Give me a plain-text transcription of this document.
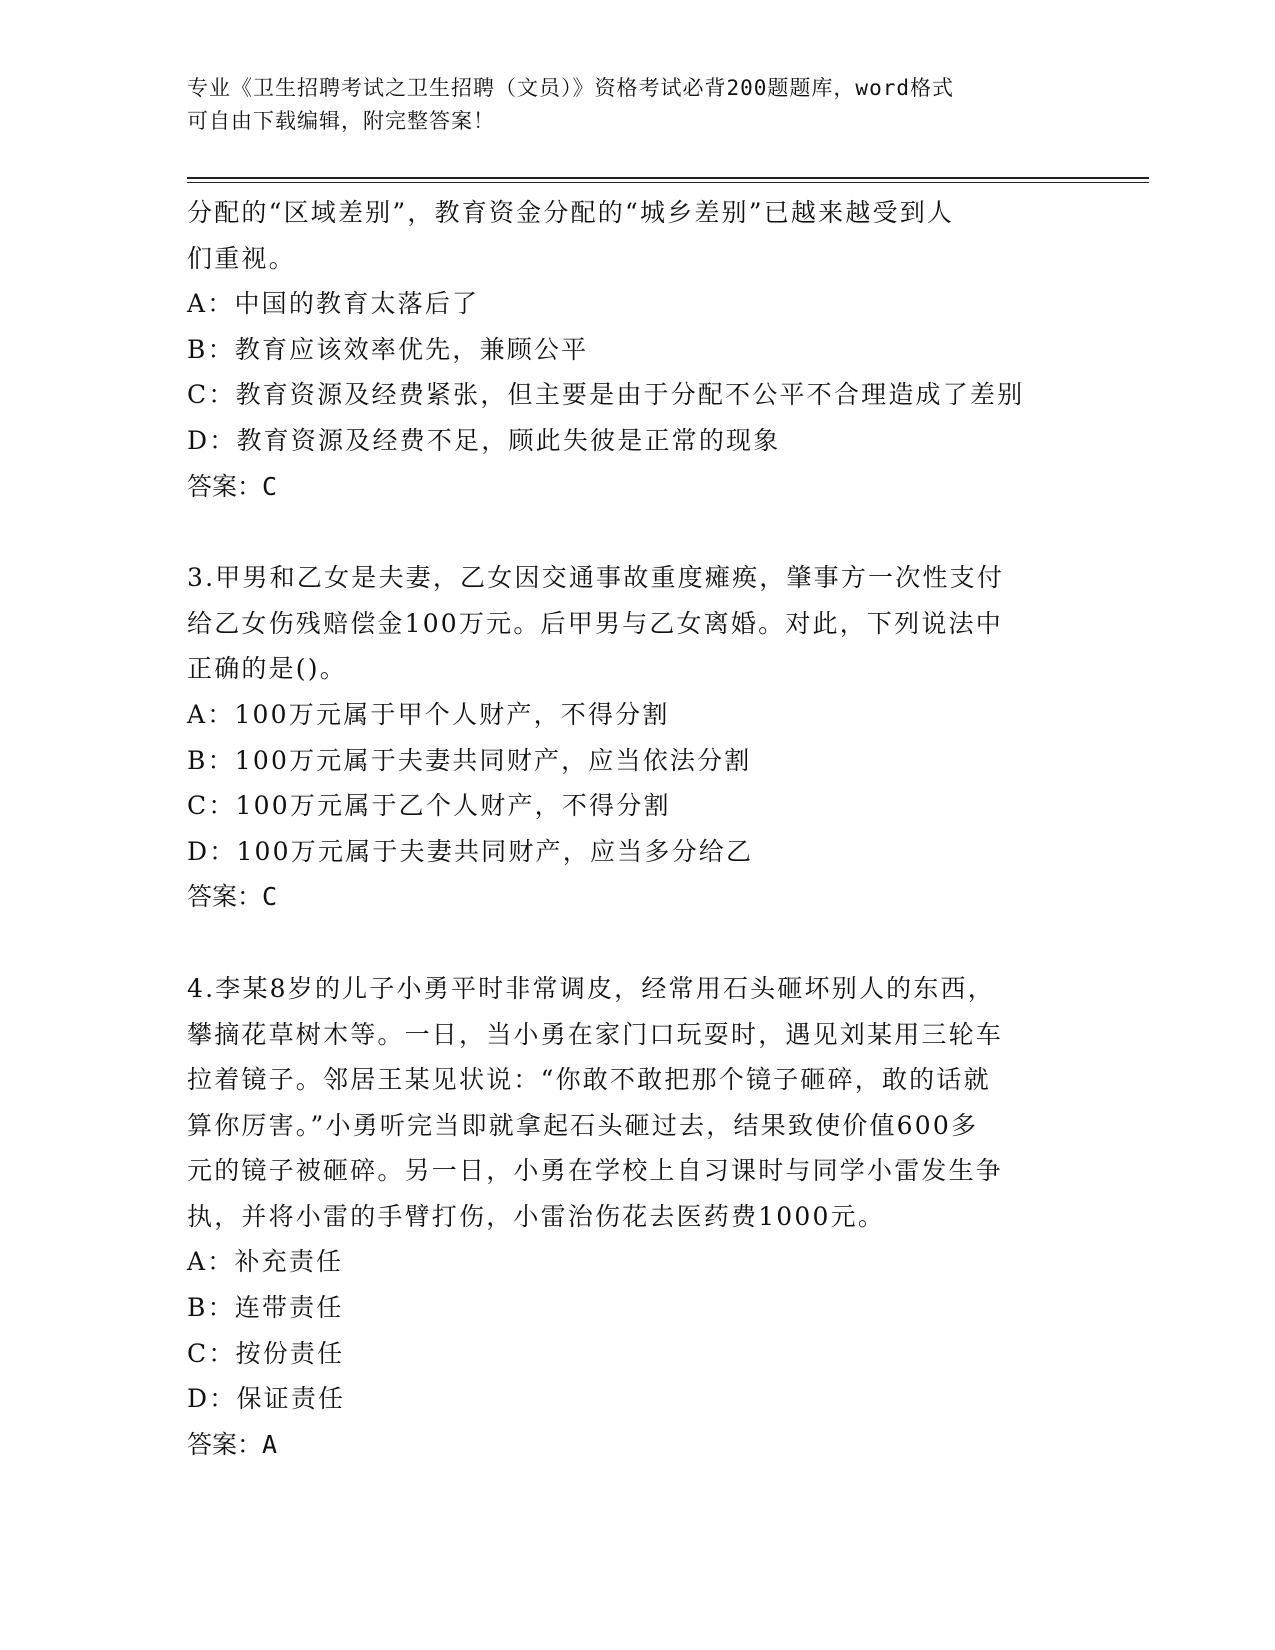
专业《卫生招聘考试之卫生招聘（文员）》资格考试必背200题题库，word格式
可自由下载编辑，附完整答案！
分配的“区域差别”，教育资金分配的“城乡差别”已越来越受到人
们重视。
A：中国的教育太落后了
B：教育应该效率优先，兼顾公平
C：教育资源及经费紧张，但主要是由于分配不公平不合理造成了差别
D：教育资源及经费不足，顾此失彼是正常的现象
答案：C
3.甲男和乙女是夫妻，乙女因交通事故重度瘫痪，肇事方一次性支付
给乙女伤残赔偿金100万元。后甲男与乙女离婚。对此，下列说法中
正确的是()。
A：100万元属于甲个人财产，不得分割
B：100万元属于夫妻共同财产，应当依法分割
C：100万元属于乙个人财产，不得分割
D：100万元属于夫妻共同财产，应当多分给乙
答案：C
4.李某8岁的儿子小勇平时非常调皮，经常用石头砸坏别人的东西，
攀摘花草树木等。一日，当小勇在家门口玩耍时，遇见刘某用三轮车
拉着镜子。邻居王某见状说：“你敢不敢把那个镜子砸碎，敢的话就
算你厉害。”小勇听完当即就拿起石头砸过去，结果致使价值600多
元的镜子被砸碎。另一日，小勇在学校上自习课时与同学小雷发生争
执，并将小雷的手臂打伤，小雷治伤花去医药费1000元。
A：补充责任
B：连带责任
C：按份责任
D：保证责任
答案：A
